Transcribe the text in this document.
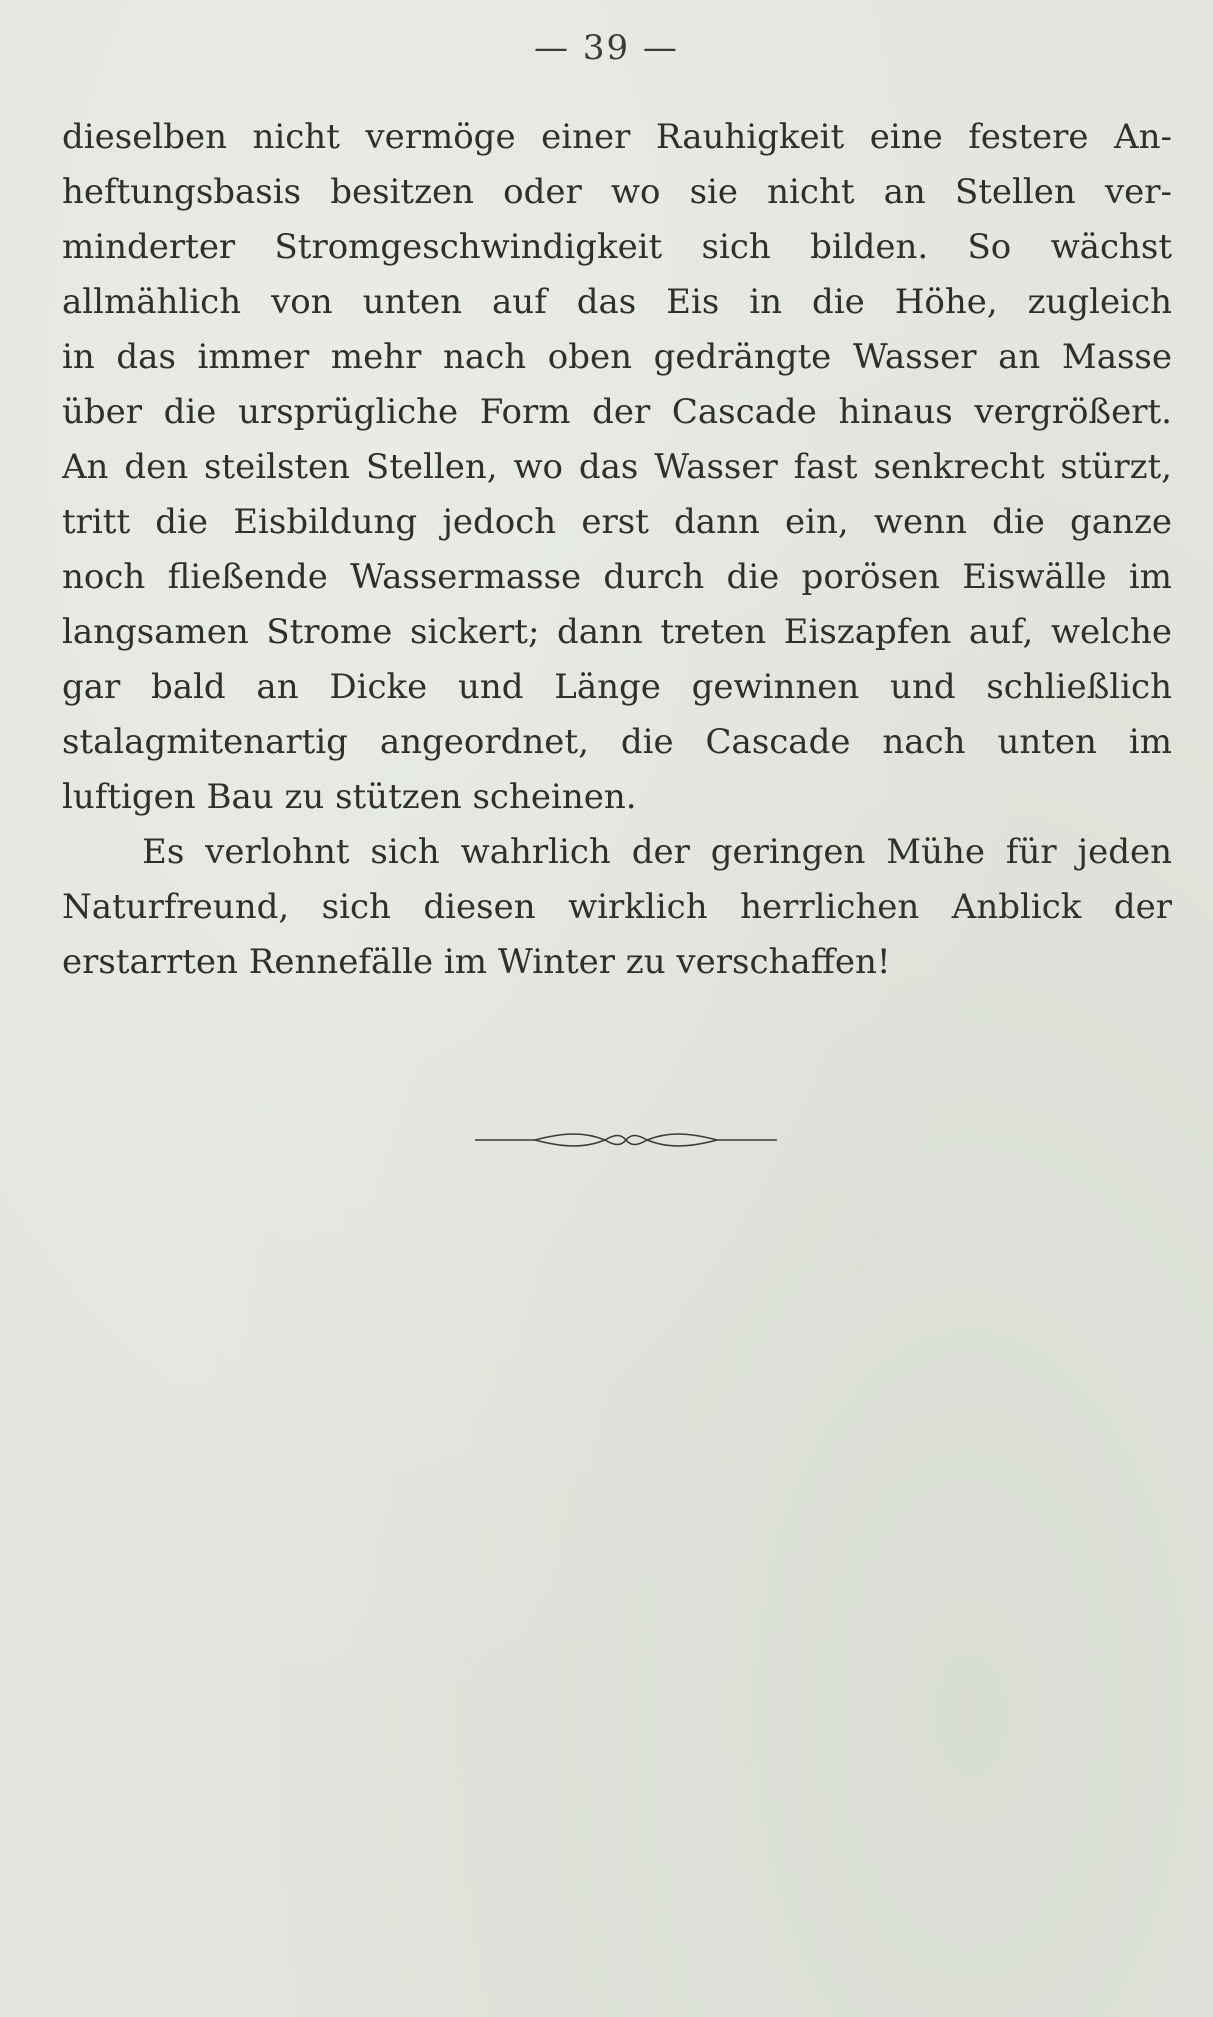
— 39 —
dieselben nicht vermöge einer Rauhigkeit eine festere An-
heftungsbasis besitzen oder wo sie nicht an Stellen ver-
minderter Stromgeschwindigkeit sich bilden. So wächst
allmählich von unten auf das Eis in die Höhe, zugleich
in das immer mehr nach oben gedrängte Wasser an Masse
über die ursprügliche Form der Cascade hinaus vergrößert.
An den steilsten Stellen, wo das Wasser fast senkrecht stürzt,
tritt die Eisbildung jedoch erst dann ein, wenn die ganze
noch fließende Wassermasse durch die porösen Eiswälle im
langsamen Strome sickert; dann treten Eiszapfen auf, welche
gar bald an Dicke und Länge gewinnen und schließlich
stalagmitenartig angeordnet, die Cascade nach unten im
luftigen Bau zu stützen scheinen.
Es verlohnt sich wahrlich der geringen Mühe für jeden
Naturfreund, sich diesen wirklich herrlichen Anblick der
erstarrten Rennefälle im Winter zu verschaffen!
